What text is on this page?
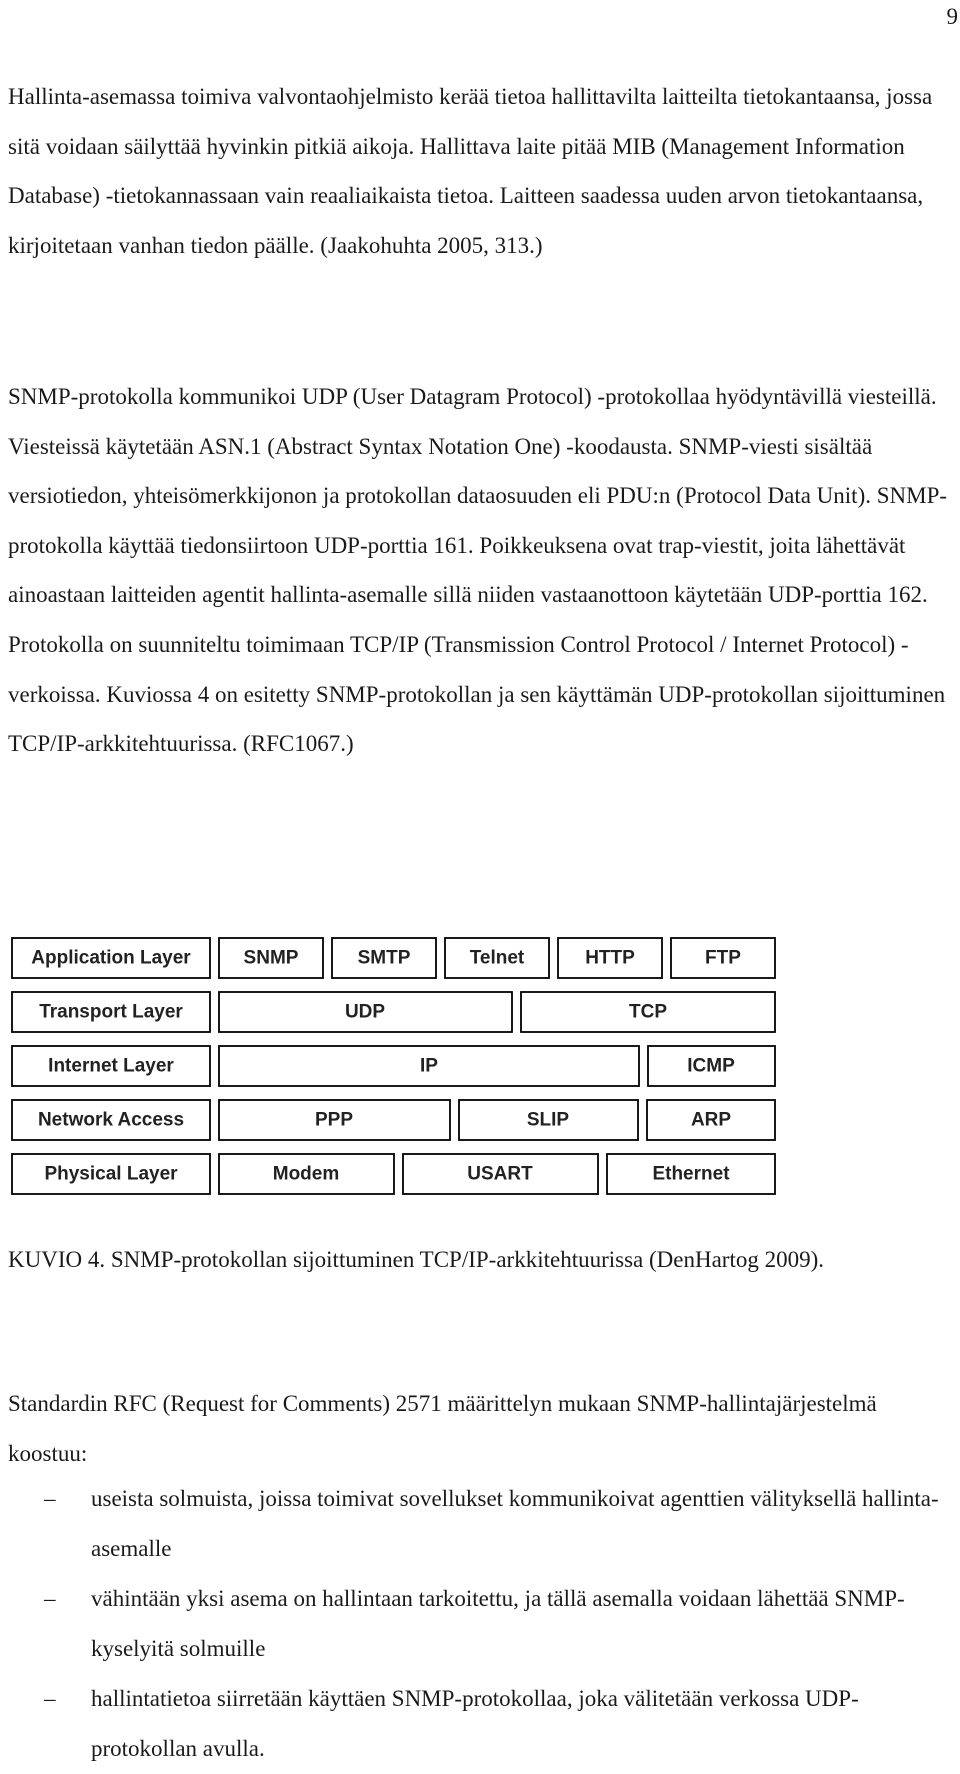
9

Hallinta-asemassa toimiva valvontaohjelmisto kerää tietoa hallittavilta laitteilta tietokantaansa, jossa sitä voidaan säilyttää hyvinkin pitkiä aikoja. Hallittava laite pitää MIB (Management Information Database) -tietokannassaan vain reaaliaikaista tietoa. Laitteen saadessa uuden arvon tietokantaansa, kirjoitetaan vanhan tiedon päälle. (Jaakohuhta 2005, 313.)

SNMP-protokolla kommunikoi UDP (User Datagram Protocol) -protokollaa hyödyntävillä viesteillä. Viesteissä käytetään ASN.1 (Abstract Syntax Notation One) -koodausta. SNMP-viesti sisältää versiotiedon, yhteisömerkkijonon ja protokollan dataosuuden eli PDU:n (Protocol Data Unit). SNMP-protokolla käyttää tiedonsiirtoon UDP-porttia 161. Poikkeuksena ovat trap-viestit, joita lähettävät ainoastaan laitteiden agentit hallinta-asemalle sillä niiden vastaanottoon käytetään UDP-porttia 162. Protokolla on suunniteltu toimimaan TCP/IP (Transmission Control Protocol / Internet Protocol) -verkoissa. Kuviossa 4 on esitetty SNMP-protokollan ja sen käyttämän UDP-protokollan sijoittuminen TCP/IP-arkkitehtuurissa. (RFC1067.)

Application Layer	SNMP	SMTP	Telnet	HTTP	FTP
Transport Layer	UDP	TCP
Internet Layer	IP	ICMP
Network Access	PPP	SLIP	ARP
Physical Layer	Modem	USART	Ethernet

KUVIO 4. SNMP-protokollan sijoittuminen TCP/IP-arkkitehtuurissa (DenHartog 2009).

Standardin RFC (Request for Comments) 2571 määrittelyn mukaan SNMP-hallintajärjestelmä koostuu:

–	useista solmuista, joissa toimivat sovellukset kommunikoivat agenttien välityksellä hallinta-asemalle
–	vähintään yksi asema on hallintaan tarkoitettu, ja tällä asemalla voidaan lähettää SNMP-kyselyitä solmuille
–	hallintatietoa siirretään käyttäen SNMP-protokollaa, joka välitetään verkossa UDP-protokollan avulla.
